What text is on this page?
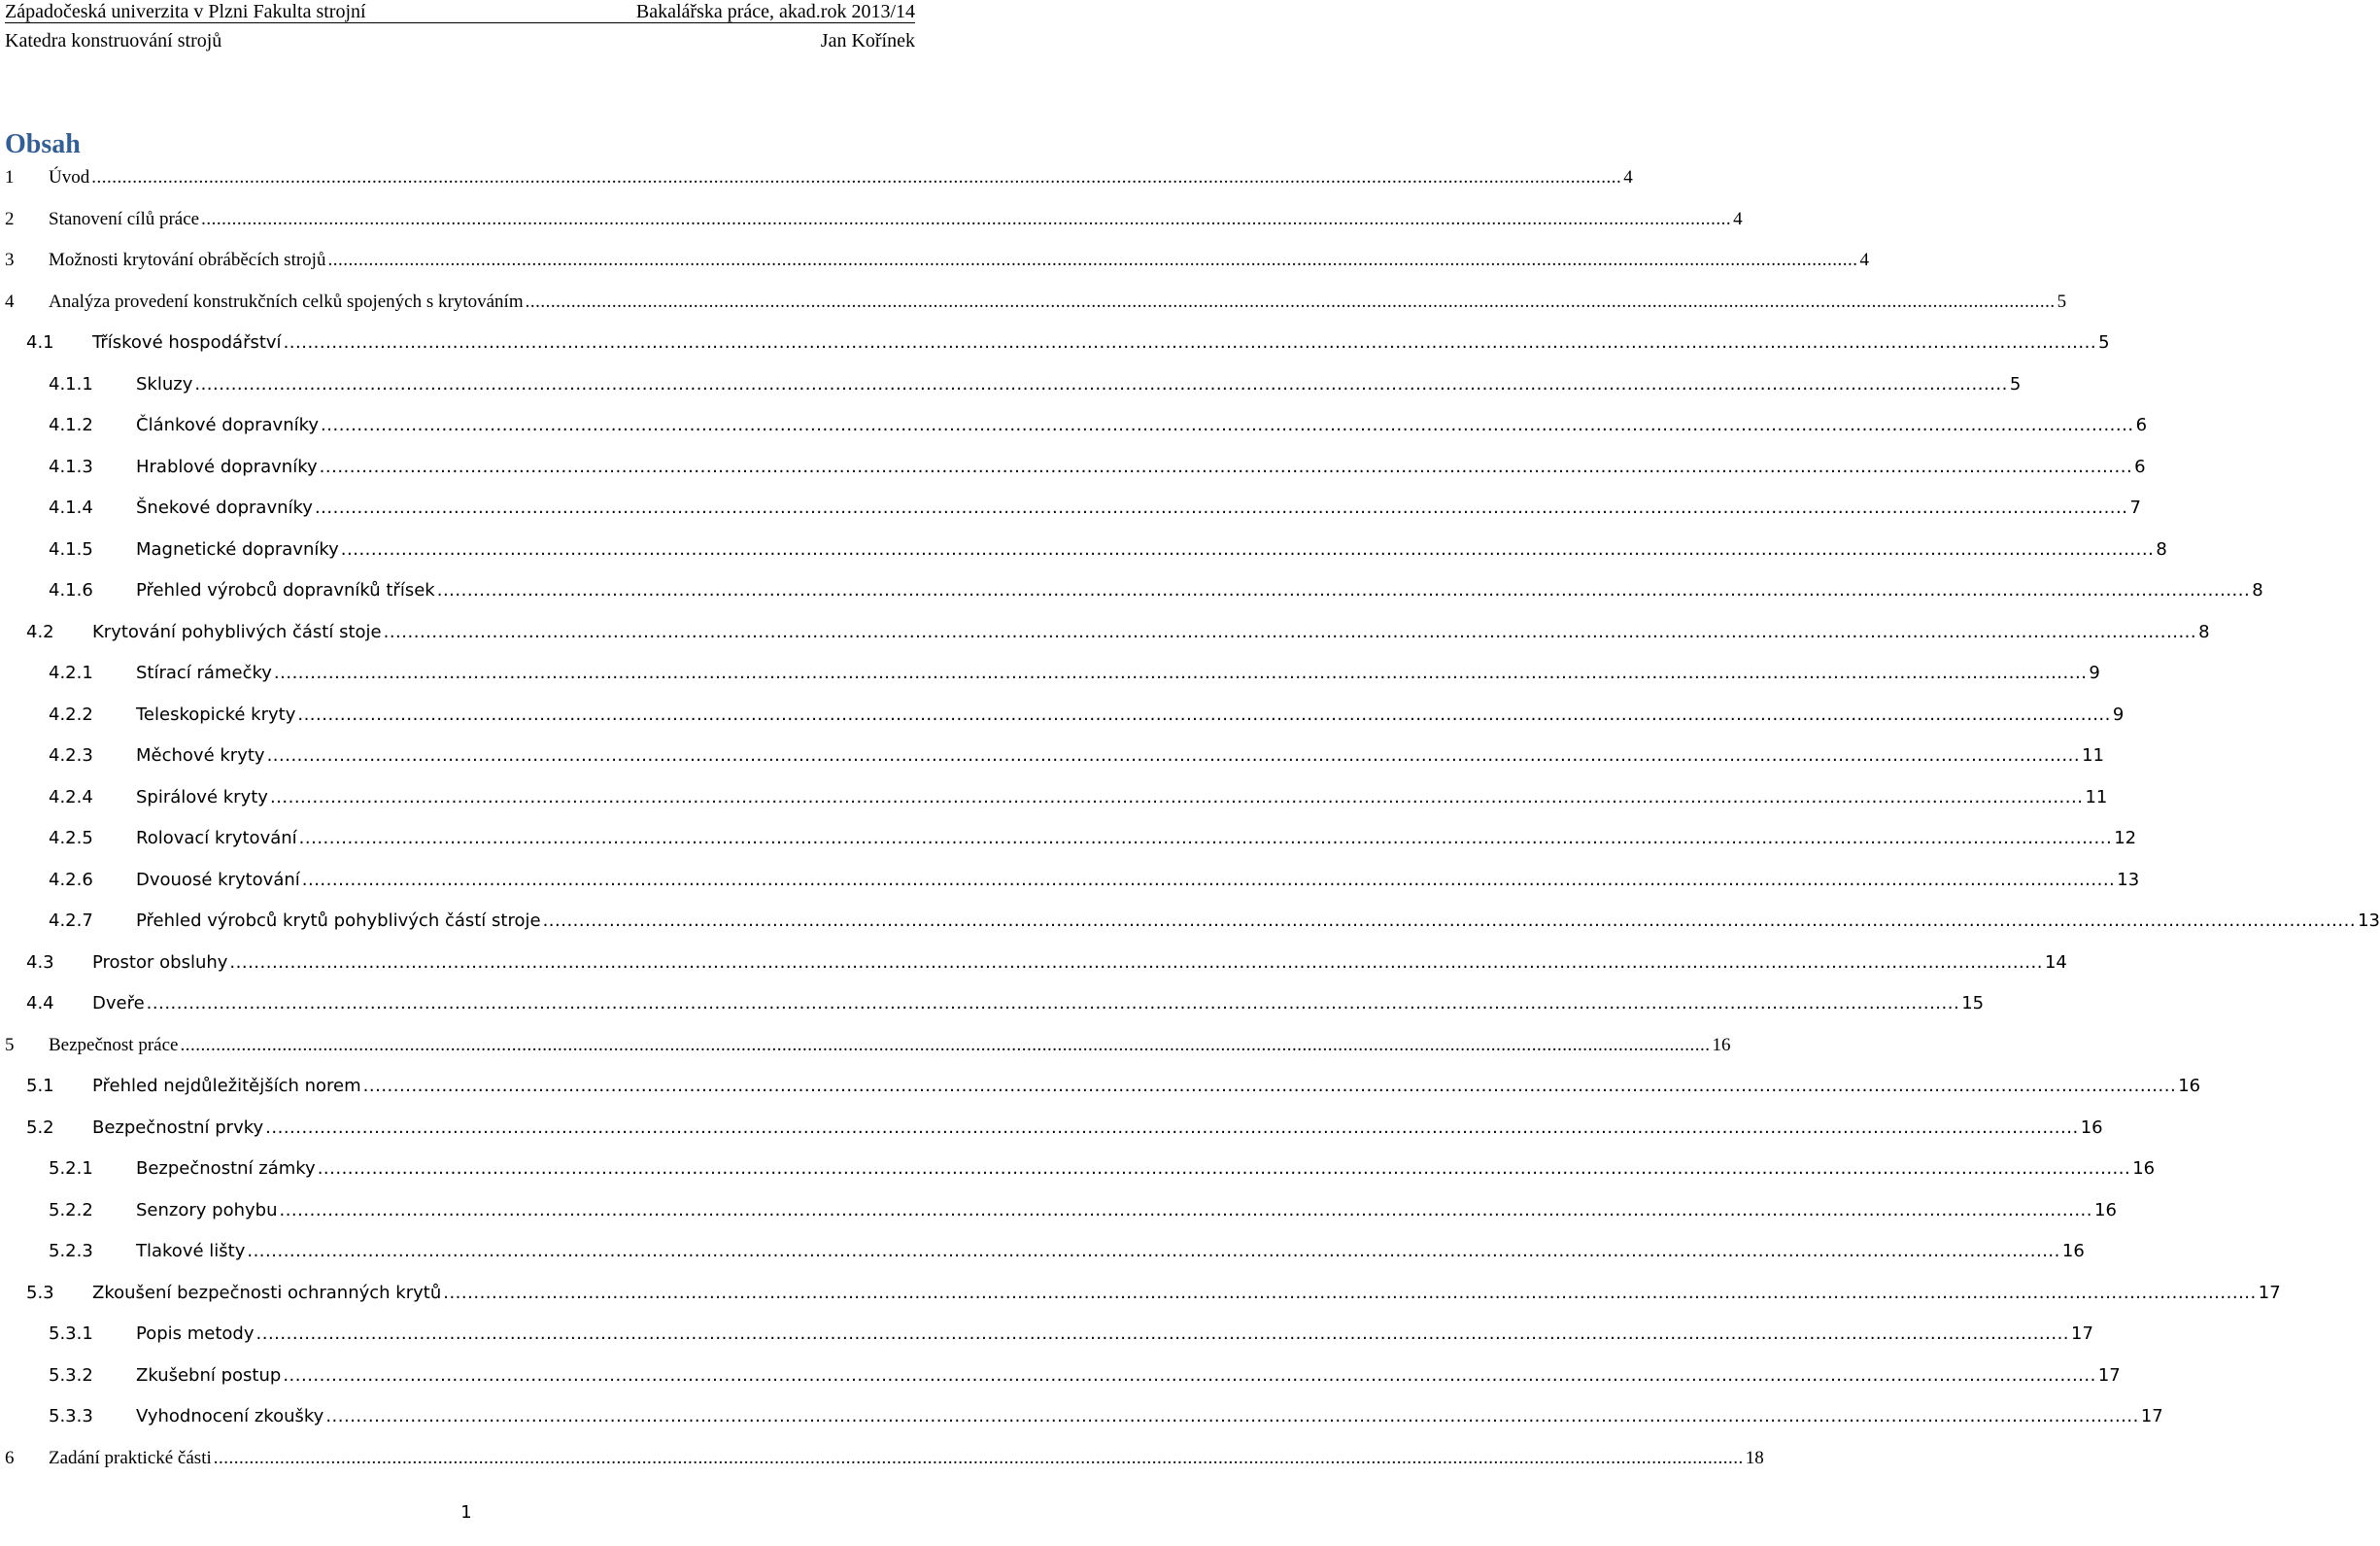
Západočeská univerzita v Plzni Fakulta strojní	Bakalářska práce, akad.rok 2013/14
Katedra konstruování strojů	Jan Kořínek
Obsah
1 Úvod ............................................................................................................................................................................................................................................................................................................ 4
2 Stanovení cílů práce ............................................................................................................................................................................................................................................................................................................ 4
3 Možnosti krytování obráběcích strojů ............................................................................................................................................................................................................................................................................................................ 4
4 Analýza provedení konstrukčních celků spojených s krytováním ............................................................................................................................................................................................................................................................................................................ 5
4.1 Třískové hospodářství ............................................................................................................................................................................................................................................................................................................ 5
4.1.1 Skluzy ............................................................................................................................................................................................................................................................................................................ 5
4.1.2 Článkové dopravníky ............................................................................................................................................................................................................................................................................................................ 6
4.1.3 Hrablové dopravníky ............................................................................................................................................................................................................................................................................................................ 6
4.1.4 Šnekové dopravníky ............................................................................................................................................................................................................................................................................................................ 7
4.1.5 Magnetické dopravníky ............................................................................................................................................................................................................................................................................................................ 8
4.1.6 Přehled výrobců dopravníků třísek ............................................................................................................................................................................................................................................................................................................ 8
4.2 Krytování pohyblivých částí stoje ............................................................................................................................................................................................................................................................................................................ 8
4.2.1 Stírací rámečky ............................................................................................................................................................................................................................................................................................................ 9
4.2.2 Teleskopické kryty ............................................................................................................................................................................................................................................................................................................ 9
4.2.3 Měchové kryty ............................................................................................................................................................................................................................................................................................................ 11
4.2.4 Spirálové kryty ............................................................................................................................................................................................................................................................................................................ 11
4.2.5 Rolovací krytování ............................................................................................................................................................................................................................................................................................................ 12
4.2.6 Dvouosé krytování ............................................................................................................................................................................................................................................................................................................ 13
4.2.7 Přehled výrobců krytů pohyblivých částí stroje ............................................................................................................................................................................................................................................................................................................ 13
4.3 Prostor obsluhy ............................................................................................................................................................................................................................................................................................................ 14
4.4 Dveře ............................................................................................................................................................................................................................................................................................................ 15
5 Bezpečnost práce ............................................................................................................................................................................................................................................................................................................ 16
5.1 Přehled nejdůležitějších norem ............................................................................................................................................................................................................................................................................................................ 16
5.2 Bezpečnostní prvky ............................................................................................................................................................................................................................................................................................................ 16
5.2.1 Bezpečnostní zámky ............................................................................................................................................................................................................................................................................................................ 16
5.2.2 Senzory pohybu ............................................................................................................................................................................................................................................................................................................ 16
5.2.3 Tlakové lišty ............................................................................................................................................................................................................................................................................................................ 16
5.3 Zkoušení bezpečnosti ochranných krytů ............................................................................................................................................................................................................................................................................................................ 17
5.3.1 Popis metody ............................................................................................................................................................................................................................................................................................................ 17
5.3.2 Zkušební postup ............................................................................................................................................................................................................................................................................................................ 17
5.3.3 Vyhodnocení zkoušky ............................................................................................................................................................................................................................................................................................................ 17
6 Zadání praktické části ............................................................................................................................................................................................................................................................................................................ 18
1
